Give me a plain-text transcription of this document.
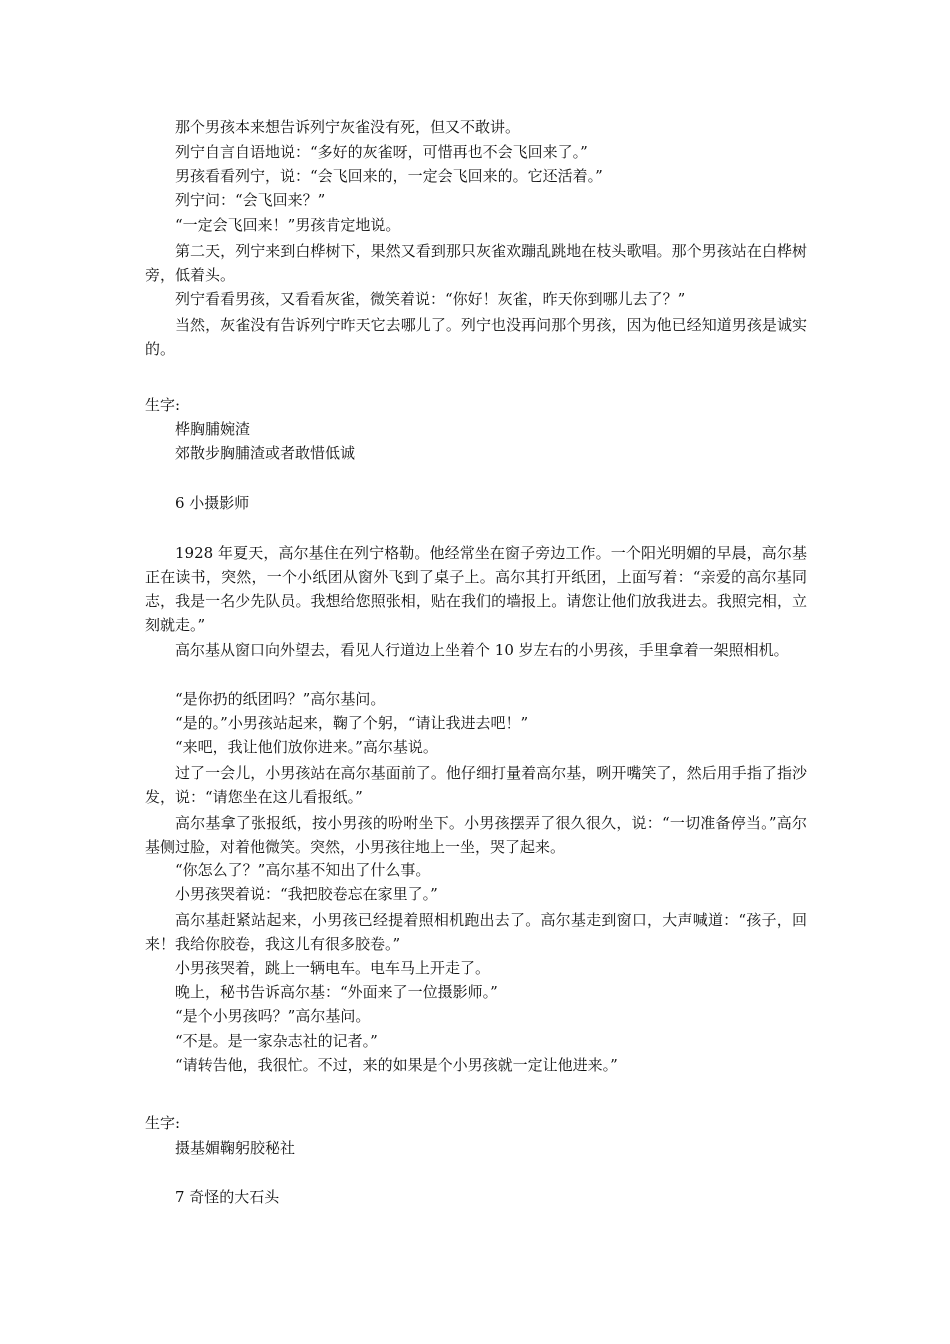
那个男孩本来想告诉列宁灰雀没有死，但又不敢讲。
列宁自言自语地说：“多好的灰雀呀，可惜再也不会飞回来了。”
男孩看看列宁，说：“会飞回来的，一定会飞回来的。它还活着。”
列宁问：“会飞回来？”
“一定会飞回来！”男孩肯定地说。

第二天，列宁来到白桦树下，果然又看到那只灰雀欢蹦乱跳地在枝头歌唱。那个男孩站在白桦树旁，低着头。

列宁看看男孩，又看看灰雀，微笑着说：“你好！灰雀，昨天你到哪儿去了？”

当然，灰雀没有告诉列宁昨天它去哪儿了。列宁也没再问那个男孩，因为他已经知道男孩是诚实的。

生字:
桦胸脯婉渣
郊散步胸脯渣或者敢惜低诚
6 小摄影师

1928 年夏天，高尔基住在列宁格勒。他经常坐在窗子旁边工作。一个阳光明媚的早晨，高尔基正在读书，突然，一个小纸团从窗外飞到了桌子上。高尔其打开纸团，上面写着：“亲爱的高尔基同志，我是一名少先队员。我想给您照张相，贴在我们的墙报上。请您让他们放我进去。我照完相，立刻就走。”

高尔基从窗口向外望去，看见人行道边上坐着个 10 岁左右的小男孩，手里拿着一架照相机。

“是你扔的纸团吗？”高尔基问。
“是的。”小男孩站起来，鞠了个躬，“请让我进去吧！”
“来吧，我让他们放你进来。”高尔基说。

过了一会儿，小男孩站在高尔基面前了。他仔细打量着高尔基，咧开嘴笑了，然后用手指了指沙发，说：“请您坐在这儿看报纸。”

高尔基拿了张报纸，按小男孩的吩咐坐下。小男孩摆弄了很久很久，说：“一切准备停当。”高尔基侧过脸，对着他微笑。突然，小男孩往地上一坐，哭了起来。

“你怎么了？”高尔基不知出了什么事。
小男孩哭着说：“我把胶卷忘在家里了。”

高尔基赶紧站起来，小男孩已经提着照相机跑出去了。高尔基走到窗口，大声喊道：“孩子，回来！我给你胶卷，我这儿有很多胶卷。”

小男孩哭着，跳上一辆电车。电车马上开走了。
晚上，秘书告诉高尔基：“外面来了一位摄影师。”
“是个小男孩吗？”高尔基问。
“不是。是一家杂志社的记者。”
“请转告他，我很忙。不过，来的如果是个小男孩就一定让他进来。”
生字:
摄基媚鞠躬胶秘社
7 奇怪的大石头
